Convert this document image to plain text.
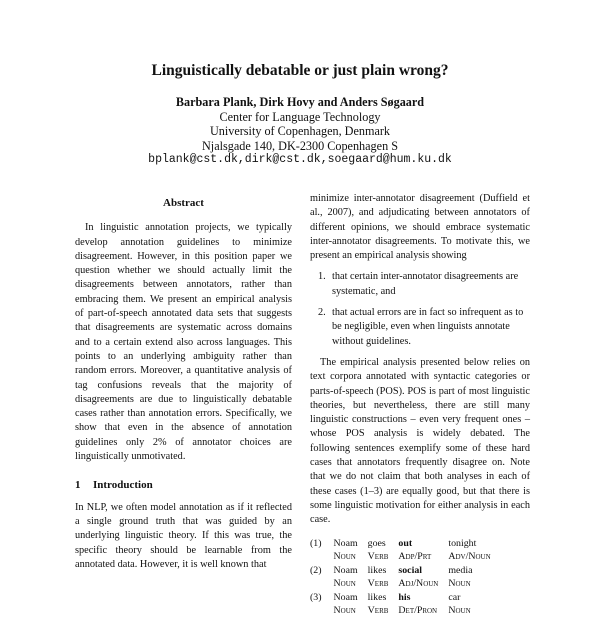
Linguistically debatable or just plain wrong?
Barbara Plank, Dirk Hovy and Anders Søgaard
Center for Language Technology
University of Copenhagen, Denmark
Njalsgade 140, DK-2300 Copenhagen S
bplank@cst.dk,dirk@cst.dk,soegaard@hum.ku.dk
Abstract

In linguistic annotation projects, we typically develop annotation guidelines to minimize disagreement. However, in this position paper we question whether we should actually limit the disagreements between annotators, rather than embracing them. We present an empirical analysis of part-of-speech annotated data sets that suggests that disagreements are systematic across domains and to a certain extend also across languages. This points to an underlying ambiguity rather than random errors. Moreover, a quantitative analysis of tag confusions reveals that the majority of disagreements are due to linguistically debatable cases rather than annotation errors. Specifically, we show that even in the absence of annotation guidelines only 2% of annotator choices are linguistically unmotivated.

1 Introduction

In NLP, we often model annotation as if it reflected a single ground truth that was guided by an underlying linguistic theory. If this was true, the specific theory should be learnable from the annotated data. However, it is well known that

minimize inter-annotator disagreement (Duffield et al., 2007), and adjudicating between annotators of different opinions, we should embrace systematic inter-annotator disagreements. To motivate this, we present an empirical analysis showing

1. that certain inter-annotator disagreements are systematic, and
2. that actual errors are in fact so infrequent as to be negligible, even when linguists annotate without guidelines.

The empirical analysis presented below relies on text corpora annotated with syntactic categories or parts-of-speech (POS). POS is part of most linguistic theories, but nevertheless, there are still many linguistic constructions – even very frequent ones – whose POS analysis is widely debated. The following sentences exemplify some of these hard cases that annotators frequently disagree on. Note that we do not claim that both analyses in each of these cases (1–3) are equally good, but that there is some linguistic motivation for either analysis in each case.

(1)	Noam	goes	out	tonight
	Noun	Verb	Adp/Prt	Adv/Noun
(2)	Noam	likes	social	media
	Noun	Verb	Adj/Noun	Noun
(3)	Noam	likes	his	car
	Noun	Verb	Det/Pron	Noun
